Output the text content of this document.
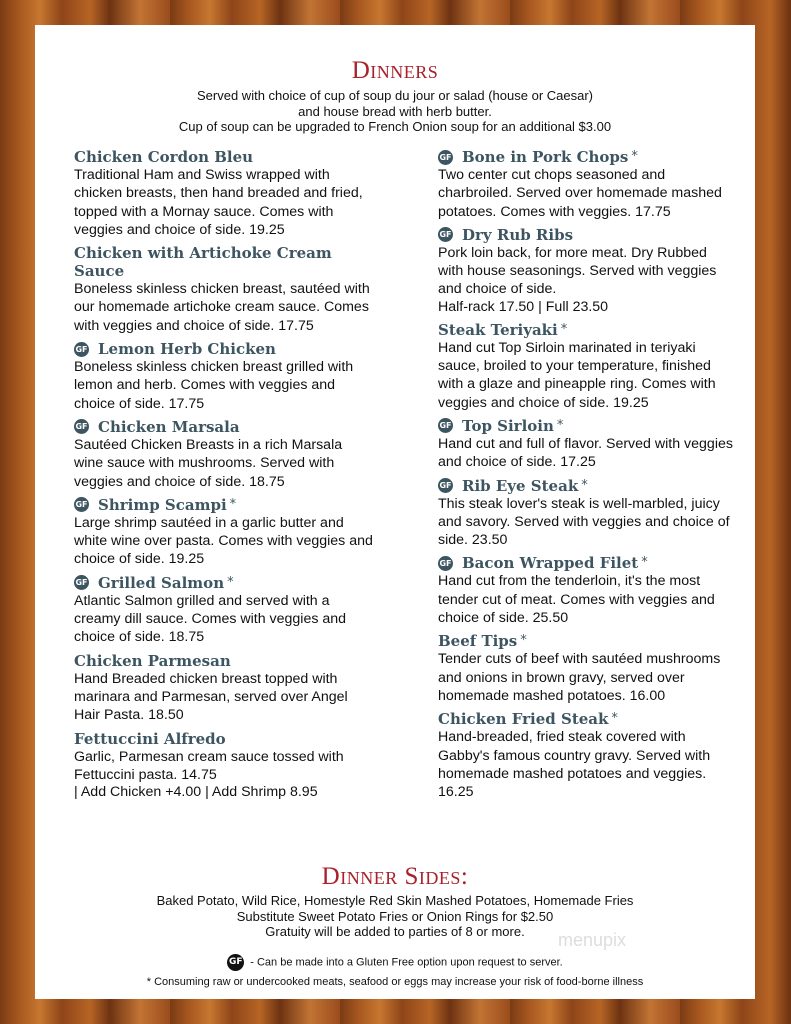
Dinners
Served with choice of cup of soup du jour or salad (house or Caesar)
and house bread with herb butter.
Cup of soup can be upgraded to French Onion soup for an additional $3.00
Chicken Cordon Bleu
Traditional Ham and Swiss wrapped with chicken breasts, then hand breaded and fried, topped with a Mornay sauce. Comes with veggies and choice of side. 19.25
Chicken with Artichoke Cream Sauce
Boneless skinless chicken breast, sautéed with our homemade artichoke cream sauce. Comes with veggies and choice of side. 17.75
GF Lemon Herb Chicken
Boneless skinless chicken breast grilled with lemon and herb. Comes with veggies and choice of side. 17.75
GF Chicken Marsala
Sautéed Chicken Breasts in a rich Marsala wine sauce with mushrooms. Served with veggies and choice of side. 18.75
GF Shrimp Scampi *
Large shrimp sautéed in a garlic butter and white wine over pasta. Comes with veggies and choice of side. 19.25
GF Grilled Salmon *
Atlantic Salmon grilled and served with a creamy dill sauce. Comes with veggies and choice of side. 18.75
Chicken Parmesan
Hand Breaded chicken breast topped with marinara and Parmesan, served over Angel Hair Pasta. 18.50
Fettuccini Alfredo
Garlic, Parmesan cream sauce tossed with Fettuccini pasta. 14.75
| Add Chicken +4.00 | Add Shrimp 8.95
GF Bone in Pork Chops *
Two center cut chops seasoned and charbroiled. Served over homemade mashed potatoes. Comes with veggies. 17.75
GF Dry Rub Ribs
Pork loin back, for more meat. Dry Rubbed with house seasonings. Served with veggies and choice of side.
Half-rack 17.50 | Full 23.50
Steak Teriyaki *
Hand cut Top Sirloin marinated in teriyaki sauce, broiled to your temperature, finished with a glaze and pineapple ring. Comes with veggies and choice of side. 19.25
GF Top Sirloin *
Hand cut and full of flavor. Served with veggies and choice of side. 17.25
GF Rib Eye Steak *
This steak lover's steak is well-marbled, juicy and savory. Served with veggies and choice of side. 23.50
GF Bacon Wrapped Filet *
Hand cut from the tenderloin, it's the most tender cut of meat. Comes with veggies and choice of side. 25.50
Beef Tips *
Tender cuts of beef with sautéed mushrooms and onions in brown gravy, served over homemade mashed potatoes. 16.00
Chicken Fried Steak *
Hand-breaded, fried steak covered with Gabby's famous country gravy. Served with homemade mashed potatoes and veggies. 16.25
Dinner Sides:
Baked Potato, Wild Rice, Homestyle Red Skin Mashed Potatoes, Homemade Fries
Substitute Sweet Potato Fries or Onion Rings for $2.50
Gratuity will be added to parties of 8 or more.	menupix
GF - Can be made into a Gluten Free option upon request to server.
* Consuming raw or undercooked meats, seafood or eggs may increase your risk of food-borne illness
